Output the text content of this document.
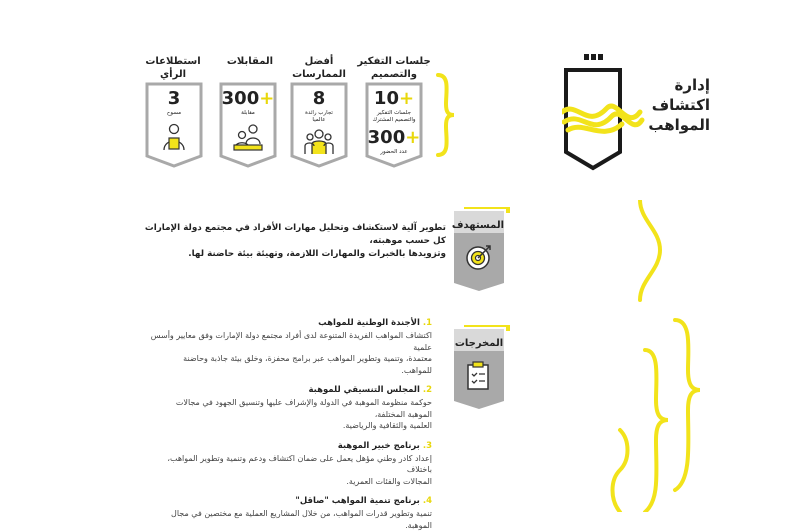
إدارة
اكتشاف
المواهب
جلسات التفكير
والتصميم
+10
جلسات التفكير
والتصميم المشترك
+300
عدد الحضور
أفضل الممارسات
8
تجارب رائدة
عالميا
المقابلات
+300
مقابلة
استطلاعات الرأي
3
مسوح
المستهدف
تطوير آلية لاستكشاف وتحليل مهارات الأفراد في مجتمع دولة الإمارات كل حسب موهبته،
وتزويدها بالخبرات والمهارات اللازمة، وتهيئة بيئة حاضنة لها.
المخرجات
1. الأجندة الوطنية للمواهب
اكتشاف المواهب الفريدة المتنوعة لدى أفراد مجتمع دولة الإمارات وفق معايير وأسس علمية
معتمدة، وتنمية وتطوير المواهب عبر برامج محفزة، وخلق بيئة جاذبة وحاضنة للمواهب.
2. المجلس التنسيقي للموهبة
حوكمة منظومة الموهبة في الدولة والإشراف عليها وتنسيق الجهود في مجالات الموهبة المختلفة،
العلمية والثقافية والرياضية.
3. برنامج خبير الموهبة
إعداد كادر وطني مؤهل يعمل على ضمان اكتشاف ودعم وتنمية وتطوير المواهب، باختلاف
المجالات والفئات العمرية.
4. برنامج تنمية المواهب "صاقل"
تنمية وتطوير قدرات المواهب، من خلال المشاريع العملية مع مختصين في مجال الموهبة.
